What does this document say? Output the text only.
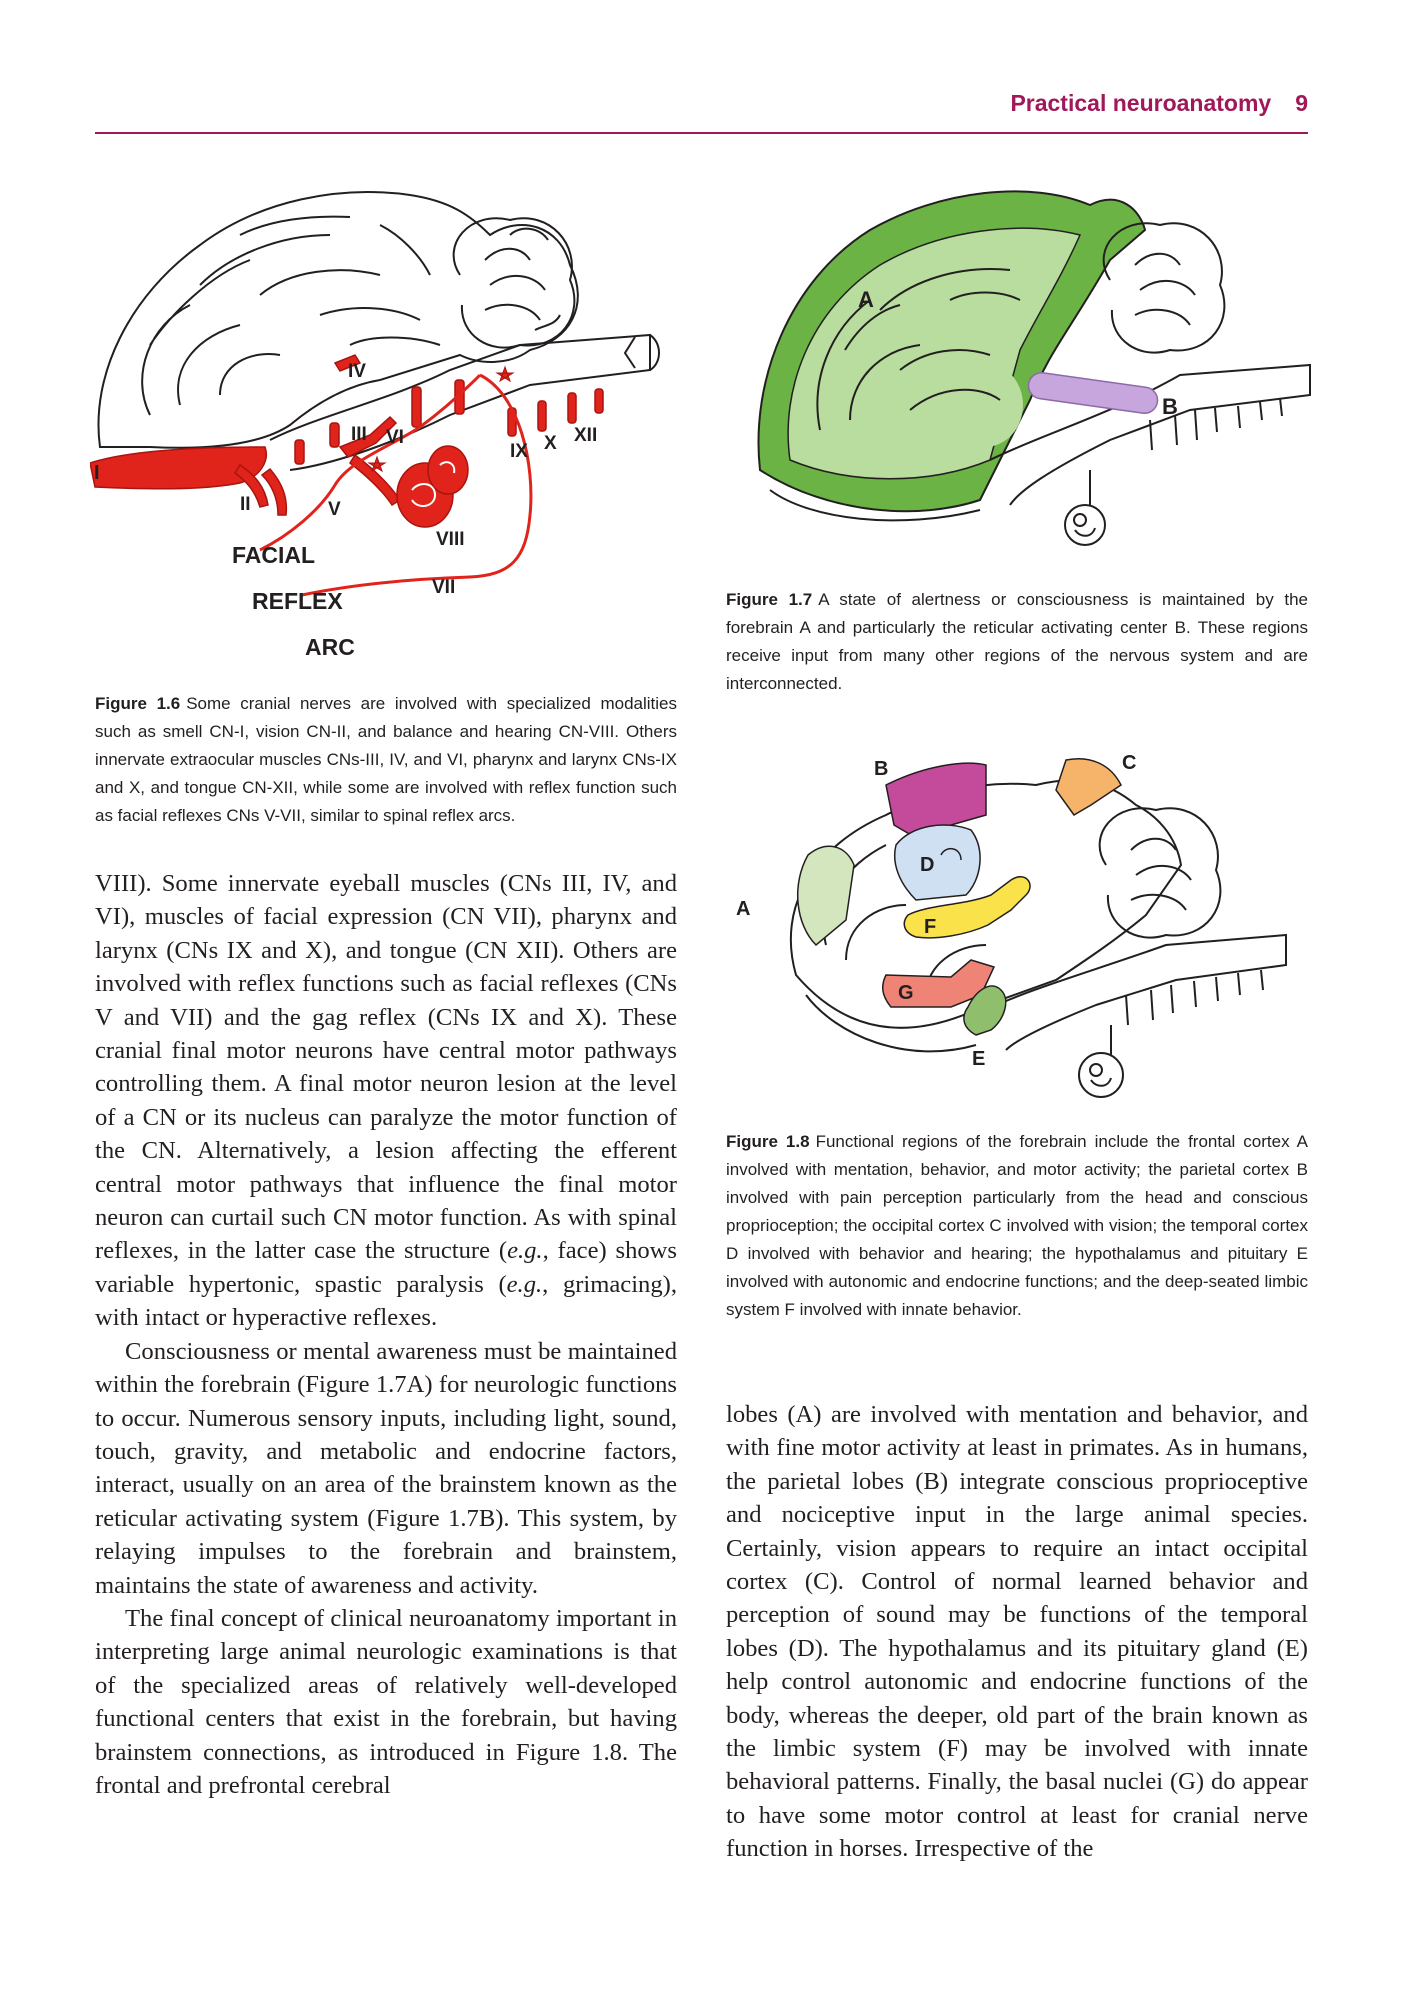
Practical neuroanatomy 9
I
II
IV
III VI
V
VIII
VII
IX X XII
FACIAL
REFLEX
ARC
Figure 1.6 Some cranial nerves are involved with specialized modalities such as smell CN-I, vision CN-II, and balance and hearing CN-VIII. Others innervate extraocular muscles CNs-III, IV, and VI, pharynx and larynx CNs-IX and X, and tongue CN-XII, while some are involved with reflex function such as facial reflexes CNs V-VII, similar to spinal reflex arcs.
A
B
Figure 1.7 A state of alertness or consciousness is maintained by the forebrain A and particularly the reticular activating center B. These regions receive input from many other regions of the nervous system and are interconnected.
A
B	C
D
E
F
G
Figure 1.8 Functional regions of the forebrain include the frontal cortex A involved with mentation, behavior, and motor activity; the parietal cortex B involved with pain perception particularly from the head and conscious proprioception; the occipital cortex C involved with vision; the temporal cortex D involved with behavior and hearing; the hypothalamus and pituitary E involved with autonomic and endocrine functions; and the deep-seated limbic system F involved with innate behavior.

VIII). Some innervate eyeball muscles (CNs III, IV, and VI), muscles of facial expression (CN VII), pharynx and larynx (CNs IX and X), and tongue (CN XII). Others are involved with reflex functions such as facial reflexes (CNs V and VII) and the gag reflex (CNs IX and X). These cranial final motor neurons have central motor pathways controlling them. A final motor neuron lesion at the level of a CN or its nucleus can paralyze the motor function of the CN. Alternatively, a lesion affecting the efferent central motor pathways that influence the final motor neuron can curtail such CN motor function. As with spinal reflexes, in the latter case the structure (e.g., face) shows variable hypertonic, spastic paralysis (e.g., grimacing), with intact or hyperactive reflexes.

Consciousness or mental awareness must be maintained within the forebrain (Figure 1.7A) for neurologic functions to occur. Numerous sensory inputs, including light, sound, touch, gravity, and metabolic and endocrine factors, interact, usually on an area of the brainstem known as the reticular activating system (Figure 1.7B). This system, by relaying impulses to the forebrain and brainstem, maintains the state of awareness and activity.

The final concept of clinical neuroanatomy important in interpreting large animal neurologic examinations is that of the specialized areas of relatively well-developed functional centers that exist in the forebrain, but having brainstem connections, as introduced in Figure 1.8. The frontal and prefrontal cerebral

lobes (A) are involved with mentation and behavior, and with fine motor activity at least in primates. As in humans, the parietal lobes (B) integrate conscious proprioceptive and nociceptive input in the large animal species. Certainly, vision appears to require an intact occipital cortex (C). Control of normal learned behavior and perception of sound may be functions of the temporal lobes (D). The hypothalamus and its pituitary gland (E) help control autonomic and endocrine functions of the body, whereas the deeper, old part of the brain known as the limbic system (F) may be involved with innate behavioral patterns. Finally, the basal nuclei (G) do appear to have some motor control at least for cranial nerve function in horses. Irrespective of the
